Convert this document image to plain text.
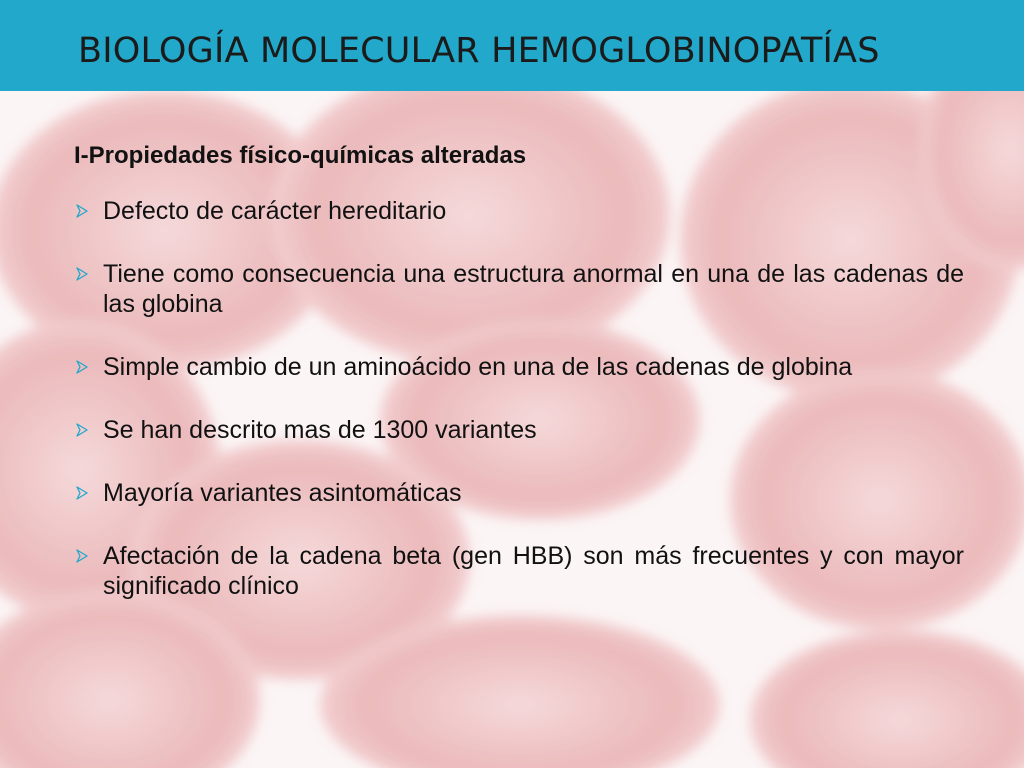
BIOLOGÍA MOLECULAR HEMOGLOBINOPATÍAS
I-Propiedades físico-químicas alteradas
Defecto de carácter hereditario
Tiene como consecuencia una estructura anormal en una de las cadenas de las globina
Simple cambio de un aminoácido en una de las cadenas de globina
Se han descrito mas de 1300 variantes
Mayoría variantes asintomáticas
Afectación de la cadena beta (gen HBB) son más frecuentes y con mayor significado clínico
